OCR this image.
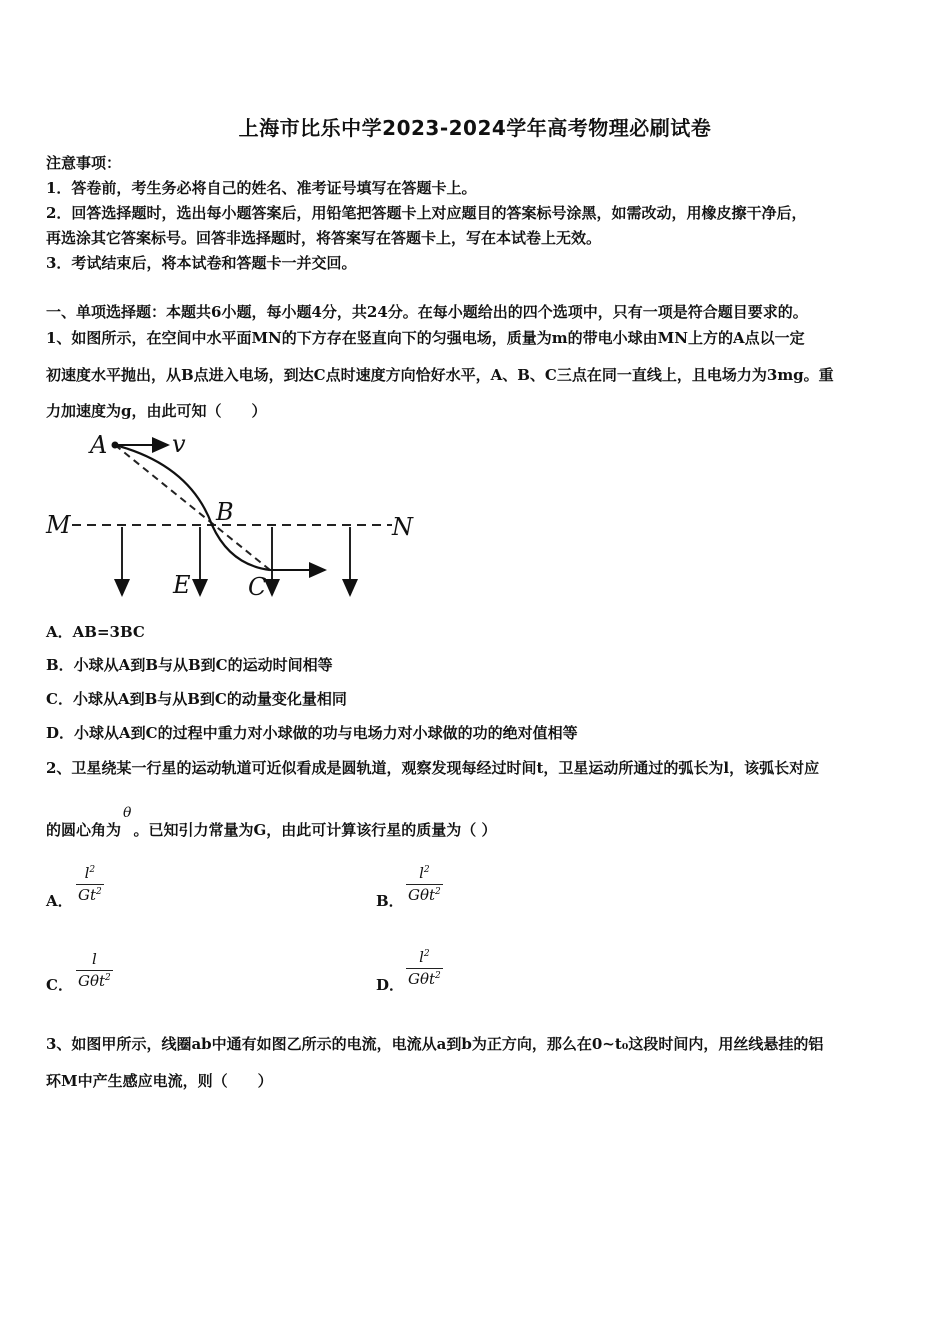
上海市比乐中学2023-2024学年高考物理必刷试卷
注意事项：
1．答卷前，考生务必将自己的姓名、准考证号填写在答题卡上。
2．回答选择题时，选出每小题答案后，用铅笔把答题卡上对应题目的答案标号涂黑，如需改动，用橡皮擦干净后，
再选涂其它答案标号。回答非选择题时，将答案写在答题卡上，写在本试卷上无效。
3．考试结束后，将本试卷和答题卡一并交回。
一、单项选择题：本题共6小题，每小题4分，共24分。在每小题给出的四个选项中，只有一项是符合题目要求的。
1、如图所示，在空间中水平面MN的下方存在竖直向下的匀强电场，质量为m的带电小球由MN上方的A点以一定
初速度水平抛出，从B点进入电场，到达C点时速度方向恰好水平，A、B、C三点在同一直线上，且电场力为3mg。重
力加速度为g，由此可知（　　）
A	v
B
M	N
E C
A．AB=3BC
B．小球从A到B与从B到C的运动时间相等
C．小球从A到B与从B到C的动量变化量相同
D．小球从A到C的过程中重力对小球做的功与电场力对小球做的功的绝对值相等
2、卫星绕某一行星的运动轨道可近似看成是圆轨道，观察发现每经过时间t，卫星运动所通过的弧长为l，该弧长对应
的圆心角为θ。已知引力常量为G，由此可计算该行星的质量为（ ）
A．
$l^2$
Gt$^2$	B．
$l^2$
Gθt$^2$
C．
l
Gθt$^2$	D．
$l^2$
Gθt$^2$
3、如图甲所示，线圈ab中通有如图乙所示的电流，电流从a到b为正方向，那么在0~t₀这段时间内，用丝线悬挂的铝
环M中产生感应电流，则（　　）
